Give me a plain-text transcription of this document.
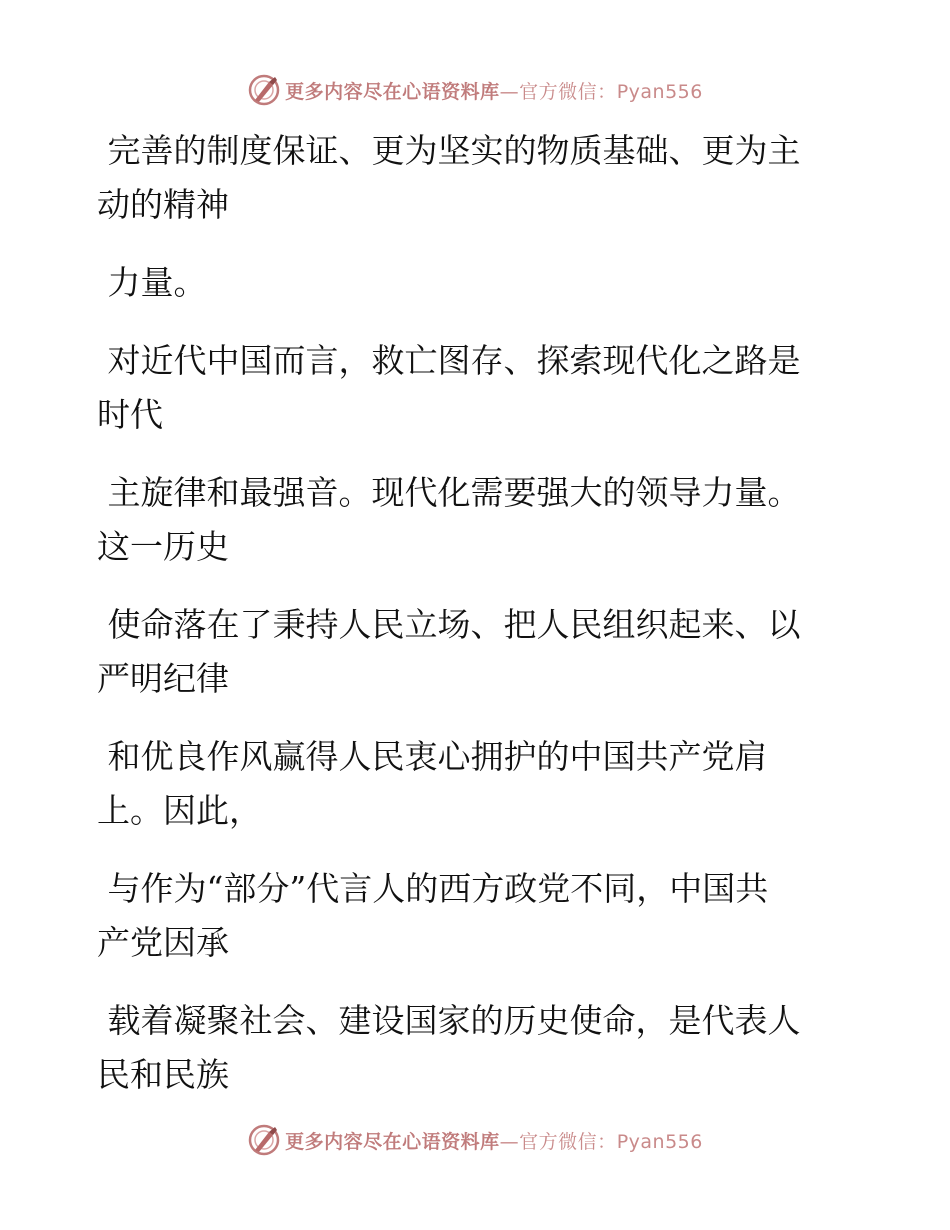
更多内容尽在心语资料库—官方微信：Pyan556
完善的制度保证、更为坚实的物质基础、更为主
动的精神
力量。
对近代中国而言，救亡图存、探索现代化之路是
时代
主旋律和最强音。现代化需要强大的领导力量。
这一历史
使命落在了秉持人民立场、把人民组织起来、以
严明纪律
和优良作风赢得人民衷心拥护的中国共产党肩
上。因此，
与作为“部分”代言人的西方政党不同，中国共
产党因承
载着凝聚社会、建设国家的历史使命，是代表人
民和民族
更多内容尽在心语资料库—官方微信：Pyan556
